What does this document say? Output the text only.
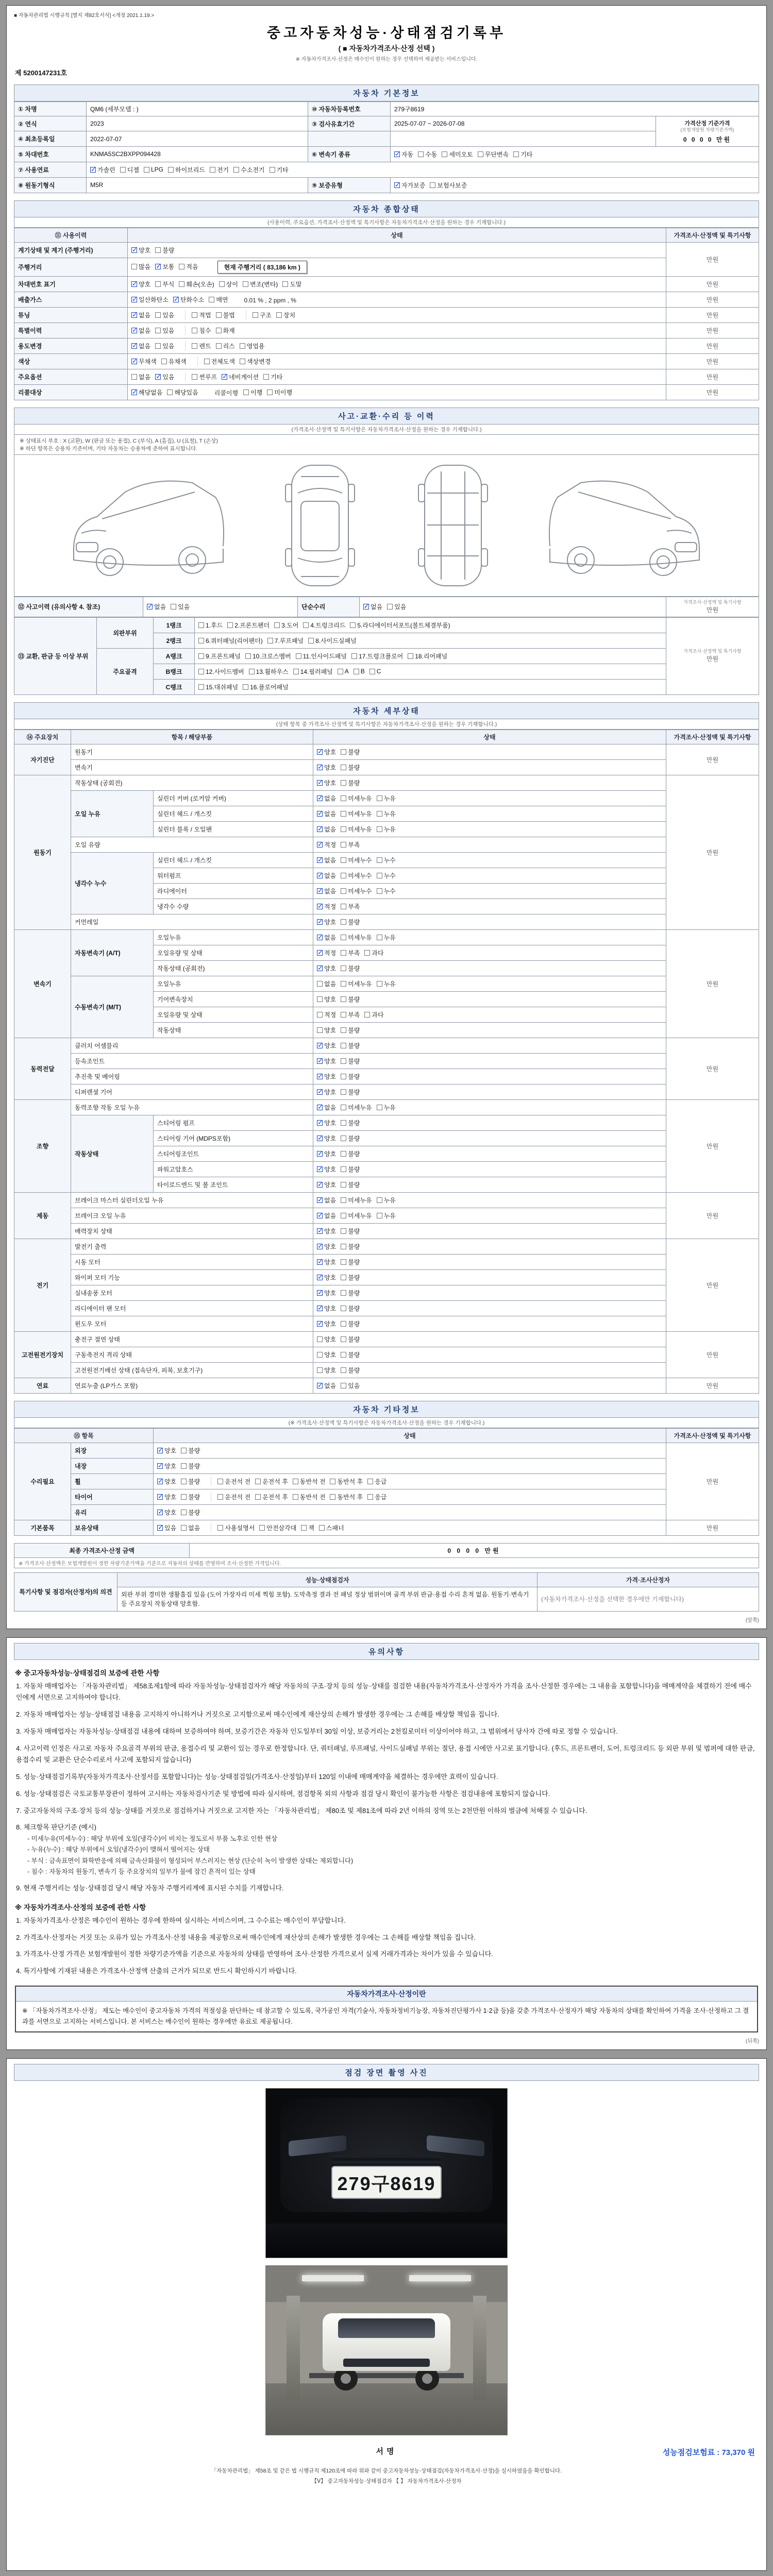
■ 자동차관리법 시행규칙 [별지 제82호서식] <개정 2021.1.19.>
중고자동차성능·상태점검기록부
( ■ 자동차가격조사·산정 선택 )
※ 자동차가격조사·산정은 매수인이 원하는 경우 선택하여 제공받는 서비스입니다.
제 5200147231호
자동차 기본정보
① 차명	QM6 (세부모델 : )	⑩ 자동차등록번호	279구8619	
② 연식	2023	③ 검사유효기간	2025-07-07 ~ 2026-07-08	가격산정 기준가격
(보험개발원 차량기준가액)
0 0 0 0 만원

④ 최초등록일	2022-07-07			
⑤ 차대번호	KNMA5SC2BXPP094428	⑥ 변속기 종류	
✓자동 수동 세미오토 무단변속 기타

⑦ 사용연료	
✓가솔린 디젤 LPG 하이브리드 전기 수소전기 기타

⑧ 원동기형식	M5R	⑨ 보증유형	
✓자가보증 보험사보증
자동차 종합상태
(사용이력, 주요옵션, 가격조사·산정액 및 특기사항은 자동차가격조사·산정을 원하는 경우 기재합니다.)
⑪ 사용이력	상태	가격조사·산정액 및 특기사항
계기상태 및 계기 (주행거리)	
✓양호 불량	만원
주행거리	많음 ✓ 보통 적음 현재 주행거리 ( 83,186 km )
차대번호 표기	
✓양호 부식 훼손(오손) 상이 변조(변타) 도말	만원
배출가스	
✓일산화탄소 ✓ 탄화수소 매연 0.01 % , 2 ppm , %	만원
튜닝	
✓없음 있음	적법 불법	구조 장치	만원
특별이력	
✓없음 있음 침수 화재	만원
용도변경	
✓없음 있음 렌트 리스 영업용	만원
색상	
✓무채색 유채색 전체도색 색상변경	만원
주요옵션	없음 ✓ 있음 썬루프 ✓ 네비게이션 기타	만원
리콜대상	
✓해당없음 해당있음 리콜이행 이행 미이행	만원
사고·교환·수리 등 이력
(가격조사·산정액 및 특기사항은 자동차가격조사·산정을 원하는 경우 기재합니다.)
※ 상태표시 부호 : X (교환), W (판금 또는 용접), C (부식), A (흠집), U (요철), T (손상)
※ 하단 항목은 승용차 기준이며, 기타 자동차는 승용차에 준하여 표시합니다.
⑫ 사고이력 (유의사항 4. 참조)	
✓없음 있음	단순수리	
✓없음 있음

가격조사·산정액 및 특기사항
만원
⑬ 교환, 판금 등 이상 부위	외판부위	1랭크	1.후드 2.프론트펜더 3.도어 4.트렁크리드 5.라디에이터서포트(볼트체결부품)

가격조사·산정액 및 특기사항
만원

		2랭크	6.쿼터패널(리어펜더) 7.루프패널 8.사이드실패널	

	주요골격	A랭크	9.프론트패널 10.크로스멤버 11.인사이드패널 17.트렁크플로어 18.리어패널	

B랭크	12.사이드멤버 13.휠하우스 14.필러패널 A B C

		C랭크	15.대쉬패널 16.플로어패널	
자동차 세부상태
(상태 항목 중 가격조사·산정액 및 특기사항은 자동차가격조사·산정을 원하는 경우 기재합니다.)
⑭ 주요장치	항목 / 해당부품		상태	가격조사·산정액 및 특기사항
자기진단	원동기	
✓양호 불량	만원
	변속기	
✓양호 불량

원동기	작동상태 (공회전)	
✓양호 불량	만원
	오일 누유	실린더 커버 (로커암 커버)	
✓없음 미세누유 누유

		실린더 헤드 / 개스킷	
✓없음 미세누유 누유

		실린더 블록 / 오일팬	
✓없음 미세누유 누유

	오일 유량	
✓적정 부족

	냉각수 누수	실린더 헤드 / 개스킷	
✓없음 미세누수 누수

		워터펌프	
✓없음 미세누수 누수

		라디에이터	
✓없음 미세누수 누수

		냉각수 수량	
✓적정 부족

	커먼레일	
✓양호 불량

변속기	자동변속기 (A/T)	오일누유	
✓없음 미세누유 누유	만원
		오일유량 및 상태	
✓적정 부족 과다

		작동상태 (공회전)	
✓양호 불량

	수동변속기 (M/T)	오일누유	없음 미세누유 누유	

		기어변속장치	양호 불량	

		오일유량 및 상태	적정 부족 과다	

		작동상태	양호 불량	

동력전달	클러치 어셈블리	
✓양호 불량	만원
	등속조인트	
✓양호 불량

	추진축 및 베어링	
✓양호 불량

	디퍼렌셜 기어	
✓양호 불량

조향	동력조향 작동 오일 누유	
✓없음 미세누유 누유	만원
	작동상태	스티어링 펌프	
✓양호 불량

		스티어링 기어 (MDPS포함)	
✓양호 불량

		스티어링조인트	
✓양호 불량

		파워고압호스	
✓양호 불량

		타이로드엔드 및 볼 조인트	
✓양호 불량

제동	브레이크 마스터 실린더오일 누유	
✓없음 미세누유 누유	만원
	브레이크 오일 누유	
✓없음 미세누유 누유

	배력장치 상태	
✓양호 불량

전기	발전기 출력	
✓양호 불량	만원
	시동 모터	
✓양호 불량

	와이퍼 모터 기능	
✓양호 불량

	실내송풍 모터	
✓양호 불량

	라디에이터 팬 모터	
✓양호 불량

	윈도우 모터	
✓양호 불량

고전원전기장치	충전구 절연 상태		양호 불량	만원
	구동축전지 격리 상태		양호 불량	

	고전원전기배선 상태 (접속단자, 피복, 보호기구)		양호 불량	

연료	연료누출 (LP가스 포함)	
✓없음 있음	만원
자동차 기타정보
(※ 가격조사·산정액 및 특기사항은 자동차가격조사·산정을 원하는 경우 기재합니다.)
⑮ 항목		상태	가격조사·산정액 및 특기사항
수리필요	외장	
✓양호 불량	만원
	내장	
✓양호 불량

휠	
✓양호 불량	운전석 전 운전석 후 동반석 전 동반석 후 응급

타이어	
✓양호 불량	운전석 전 운전석 후 동반석 전 동반석 후 응급

	유리	
✓양호 불량

기본품목	보유상태	
✓있음 없음	사용설명서 안전삼각대 잭 스패너	만원
최종 가격조사·산정 금액	0 0 0 0 만원
※ 가격조사·산정액은 보험개발원이 정한 차량기준가액을 기준으로 자동차의 상태를 반영하여 조사·산정한 가격입니다.
특기사항 및 점검자(산정자)의 의견	성능·상태점검자	가격·조사산정자
	외판 부위 경미한 생활흠집 있음 (도어 가장자리 미세 찍힘 포함). 도막측정 결과 전 패널 정상 범위이며 골격 부위 판금·용접 수리 흔적 없음. 원동기·변속기 등 주요장치 작동상태 양호함.	(자동차가격조사·산정을 선택한 경우에만 기재합니다)
(앞쪽)
유의사항
※ 중고자동차성능·상태점검의 보증에 관한 사항
1. 자동차 매매업자는 「자동차관리법」 제58조제1항에 따라 자동차성능·상태점검자가 해당 자동차의 구조·장치 등의 성능·상태를 점검한 내용(자동차가격조사·산정자가 가격을 조사·산정한 경우에는 그 내용을 포함합니다)을 매매계약을 체결하기 전에 매수인에게 서면으로 고지하여야 합니다.
2. 자동차 매매업자는 성능·상태점검 내용을 고지하지 아니하거나 거짓으로 고지함으로써 매수인에게 재산상의 손해가 발생한 경우에는 그 손해를 배상할 책임을 집니다.
3. 자동차 매매업자는 자동차성능·상태점검 내용에 대하여 보증하여야 하며, 보증기간은 자동차 인도일부터 30일 이상, 보증거리는 2천킬로미터 이상이어야 하고, 그 범위에서 당사자 간에 따로 정할 수 있습니다.
4. 사고이력 인정은 사고로 자동차 주요골격 부위의 판금, 용접수리 및 교환이 있는 경우로 한정합니다. 단, 쿼터패널, 루프패널, 사이드실패널 부위는 절단, 용접 시에만 사고로 표기합니다. (후드, 프론트펜더, 도어, 트렁크리드 등 외판 부위 및 범퍼에 대한 판금, 용접수리 및 교환은 단순수리로서 사고에 포함되지 않습니다)
5. 성능·상태점검기록부(자동차가격조사·산정서를 포함합니다)는 성능·상태점검일(가격조사·산정일)부터 120일 이내에 매매계약을 체결하는 경우에만 효력이 있습니다.
6. 성능·상태점검은 국토교통부장관이 정하여 고시하는 자동차검사기준 및 방법에 따라 실시하며, 점검항목 외의 사항과 점검 당시 확인이 불가능한 사항은 점검내용에 포함되지 않습니다.
7. 중고자동차의 구조·장치 등의 성능·상태를 거짓으로 점검하거나 거짓으로 고지한 자는 「자동차관리법」 제80조 및 제81조에 따라 2년 이하의 징역 또는 2천만원 이하의 벌금에 처해질 수 있습니다.
8. 체크항목 판단기준 (예시)
- 미세누유(미세누수) : 해당 부위에 오일(냉각수)이 비치는 정도로서 부품 노후로 인한 현상
- 누유(누수) : 해당 부위에서 오일(냉각수)이 맺혀서 떨어지는 상태
- 부식 : 금속표면이 화학반응에 의해 금속산화물이 형성되어 부스러지는 현상 (단순히 녹이 발생한 상태는 제외합니다)
- 침수 : 자동차의 원동기, 변속기 등 주요장치의 일부가 물에 잠긴 흔적이 있는 상태
9. 현재 주행거리는 성능·상태점검 당시 해당 자동차 주행거리계에 표시된 수치를 기재합니다.
※ 자동차가격조사·산정의 보증에 관한 사항
1. 자동차가격조사·산정은 매수인이 원하는 경우에 한하여 실시하는 서비스이며, 그 수수료는 매수인이 부담합니다.
2. 가격조사·산정자는 거짓 또는 오류가 있는 가격조사·산정 내용을 제공함으로써 매수인에게 재산상의 손해가 발생한 경우에는 그 손해를 배상할 책임을 집니다.
3. 가격조사·산정 가격은 보험개발원이 정한 차량기준가액을 기준으로 자동차의 상태를 반영하여 조사·산정한 가격으로서 실제 거래가격과는 차이가 있을 수 있습니다.
4. 특기사항에 기재된 내용은 가격조사·산정액 산출의 근거가 되므로 반드시 확인하시기 바랍니다.
자동차가격조사·산정이란
※ 「자동차가격조사·산정」 제도는 매수인이 중고자동차 가격의 적절성을 판단하는 데 참고할 수 있도록, 국가공인 자격(기술사, 자동차정비기능장, 자동차진단평가사 1·2급 등)을 갖춘 가격조사·산정자가 해당 자동차의 상태를 확인하여 가격을 조사·산정하고 그 결과를 서면으로 고지하는 서비스입니다. 본 서비스는 매수인이 원하는 경우에만 유료로 제공됩니다.
(뒤쪽)
점검 장면 촬영 사진
279구8619
서명	성능점검보험료 : 73,370 원
「자동차관리법」 제58조 및 같은 법 시행규칙 제120조에 따라 위와 같이 중고자동차성능·상태점검(자동차가격조사·산정)을 실시하였음을 확인합니다.
【Ⅴ】 중고자동차성능·상태점검자 【 】 자동차가격조사·산정자
